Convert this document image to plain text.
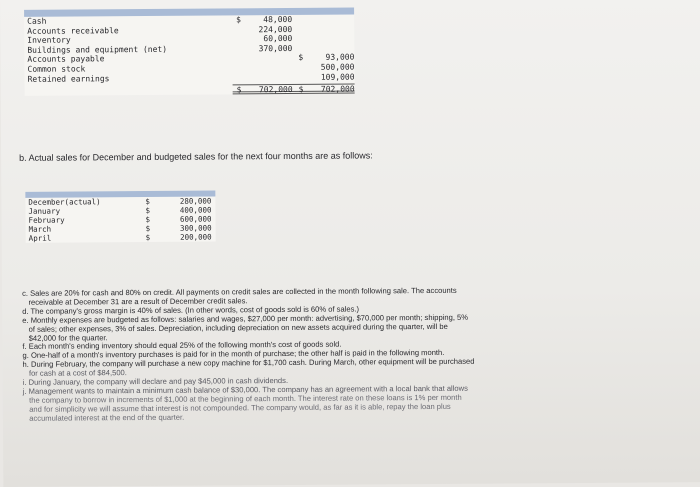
Cash	$	48,000
Accounts receivable	224,000
Inventory	60,000
Buildings and equipment (net)	370,000
Accounts payable	$	93,000
Common stock	500,000
Retained earnings	109,000
$ 702,000 $ 702,000
b. Actual sales for December and budgeted sales for the next four months are as follows:
December(actual)	$	280,000
January	$	400,000
February	$	600,000
March	$	300,000
April	$	200,000
c. Sales are 20% for cash and 80% on credit. All payments on credit sales are collected in the month following sale. The accounts
receivable at December 31 are a result of December credit sales.
d. The company's gross margin is 40% of sales. (In other words, cost of goods sold is 60% of sales.)
e. Monthly expenses are budgeted as follows: salaries and wages, $27,000 per month: advertising, $70,000 per month; shipping, 5%
of sales; other expenses, 3% of sales. Depreciation, including depreciation on new assets acquired during the quarter, will be
$42,000 for the quarter.
f. Each month's ending inventory should equal 25% of the following month's cost of goods sold.
g. One-half of a month's inventory purchases is paid for in the month of purchase; the other half is paid in the following month.
h. During February, the company will purchase a new copy machine for $1,700 cash. During March, other equipment will be purchased
for cash at a cost of $84,500.
i. During January, the company will declare and pay $45,000 in cash dividends.
j. Management wants to maintain a minimum cash balance of $30,000. The company has an agreement with a local bank that allows
the company to borrow in increments of $1,000 at the beginning of each month. The interest rate on these loans is 1% per month
and for simplicity we will assume that interest is not compounded. The company would, as far as it is able, repay the loan plus
accumulated interest at the end of the quarter.
